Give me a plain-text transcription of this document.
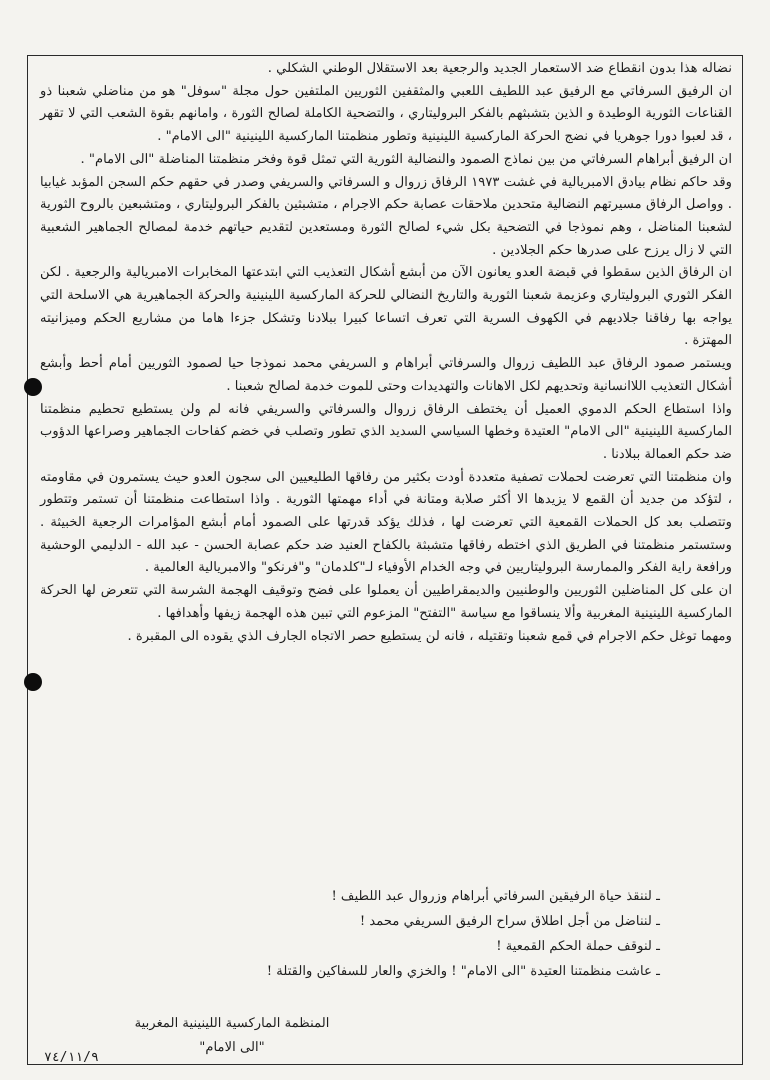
نضاله هذا بدون انقطاع ضد الاستعمار الجديد والرجعية بعد الاستقلال الوطني الشكلي .

ان الرفيق السرفاتي مع الرفيق عبد اللطيف اللعبي والمثقفين الثوريين الملتفين حول مجلة "سوفل" هو من مناضلي شعبنا ذو القناعات الثورية الوطيدة و الذين بتشبثهم بالفكر البروليتاري ، والتضحية الكاملة لصالح الثورة ، وامانهم بقوة الشعب التي لا تقهر ، قد لعبوا دورا جوهريا في نضج الحركة الماركسية اللينينية وتطور منظمتنا الماركسية اللينينية "الى الامام" .

ان الرفيق أبراهام السرفاتي من بين نماذج الصمود والنضالية الثورية التي تمثل قوة وفخر منظمتنا المناضلة "الى الامام" .

وقد حاكم نظام بيادق الامبريالية في غشت ١٩٧٣ الرفاق زروال و السرفاتي والسريفي وصدر في حقهم حكم السجن المؤبد غيابيا . وواصل الرفاق مسيرتهم النضالية متحدين ملاحقات عصابة حكم الاجرام ، متشبثين بالفكر البروليتاري ، ومتشبعين بالروح الثورية لشعبنا المناضل ، وهم نموذجا في التضحية بكل شيء لصالح الثورة ومستعدين لتقديم حياتهم خدمة لمصالح الجماهير الشعبية التي لا زال يرزح على صدرها حكم الجلادين .

ان الرفاق الذين سقطوا في قبضة العدو يعانون الآن من أبشع أشكال التعذيب التي ابتدعتها المخابرات الامبريالية والرجعية . لكن الفكر الثوري البروليتاري وعزيمة شعبنا الثورية والتاريخ النضالي للحركة الماركسية اللينينية والحركة الجماهيرية هي الاسلحة التي يواجه بها رفاقنا جلاديهم في الكهوف السرية التي تعرف اتساعا كبيرا ببلادنا وتشكل جزءا هاما من مشاريع الحكم وميزانيته المهتزة .

ويستمر صمود الرفاق عبد اللطيف زروال والسرفاتي أبراهام و السريفي محمد نموذجا حيا لصمود الثوريين أمام أحط وأبشع أشكال التعذيب اللاانسانية وتحديهم لكل الاهانات والتهديدات وحتى للموت خدمة لصالح شعبنا .

واذا استطاع الحكم الدموي العميل أن يختطف الرفاق زروال والسرفاتي والسريفي فانه لم ولن يستطيع تحطيم منظمتنا الماركسية اللينينية "الى الامام" العتيدة وخطها السياسي السديد الذي تطور وتصلب في خضم كفاحات الجماهير وصراعها الدؤوب ضد حكم العمالة ببلادنا .

وان منظمتنا التي تعرضت لحملات تصفية متعددة أودت بكثير من رفاقها الطليعيين الى سجون العدو حيث يستمرون في مقاومته ، لتؤكد من جديد أن القمع لا يزيدها الا أكثر صلابة ومتانة في أداء مهمتها الثورية . واذا استطاعت منظمتنا أن تستمر وتتطور وتتصلب بعد كل الحملات القمعية التي تعرضت لها ، فذلك يؤكد قدرتها على الصمود أمام أبشع المؤامرات الرجعية الخبيثة . وستستمر منظمتنا في الطريق الذي اختطه رفاقها متشبثة بالكفاح العنيد ضد حكم عصابة الحسن - عبد الله - الدليمي الوحشية ورافعة راية الفكر والممارسة البروليتاريين في وجه الخدام الأوفياء لـ"كلدمان" و"فرنكو" والامبريالية العالمية .

ان على كل المناضلين الثوريين والوطنيين والديمقراطيين أن يعملوا على فضح وتوقيف الهجمة الشرسة التي تتعرض لها الحركة الماركسية اللينينية المغربية وألا ينساقوا مع سياسة "التفتح" المزعوم التي تبين هذه الهجمة زيفها وأهدافها .

ومهما توغل حكم الاجرام في قمع شعبنا وتقتيله ، فانه لن يستطيع حصر الاتجاه الجارف الذي يقوده الى المقبرة .

ـ لننقذ حياة الرفيقين السرفاتي أبراهام وزروال عبد اللطيف !
ـ لنناضل من أجل اطلاق سراح الرفيق السريفي محمد !
ـ لنوقف حملة الحكم القمعية !
ـ عاشت منظمتنا العتيدة "الى الامام" ! والخزي والعار للسفاكين والقتلة !
المنظمة الماركسية اللينينية المغربية
"الى الامام"
٧٤/١١/٩
